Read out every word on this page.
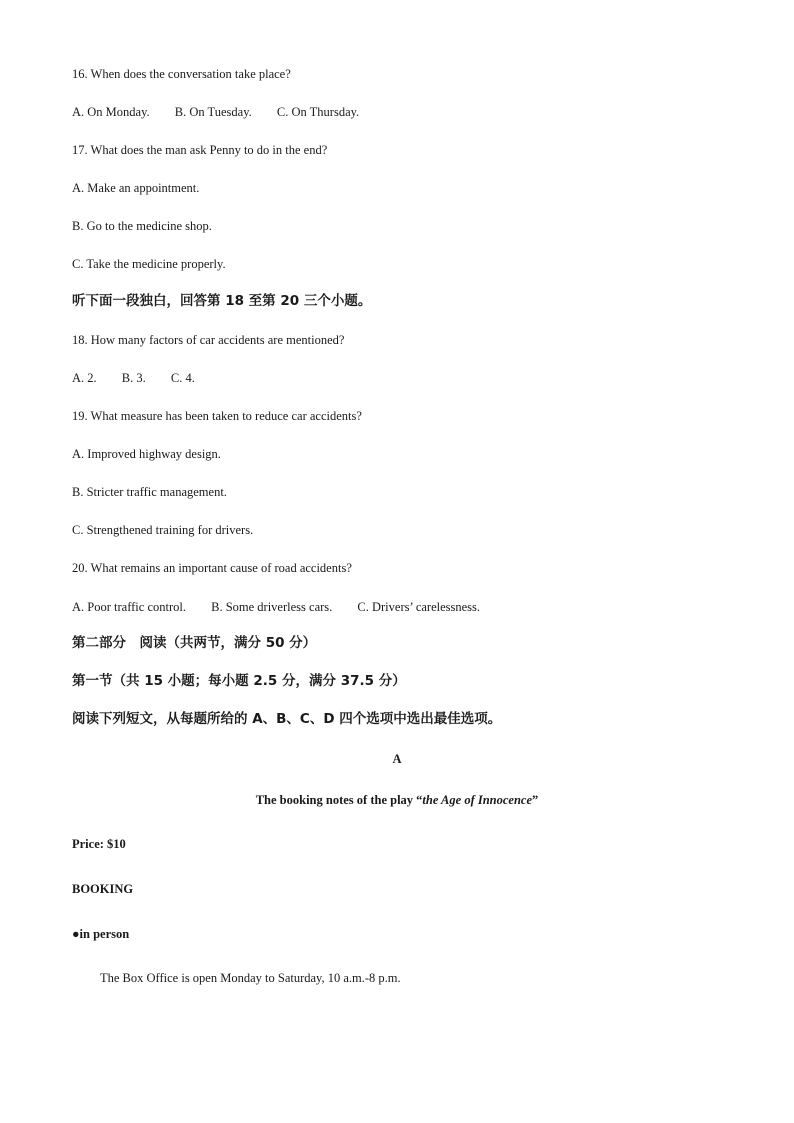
16. When does the conversation take place?
A. On Monday. B. On Tuesday. C. On Thursday.
17. What does the man ask Penny to do in the end?
A. Make an appointment.
B. Go to the medicine shop.
C. Take the medicine properly.
听下面一段独白，回答第 18 至第 20 三个小题。
18. How many factors of car accidents are mentioned?
A. 2. B. 3. C. 4.
19. What measure has been taken to reduce car accidents?
A. Improved highway design.
B. Stricter traffic management.
C. Strengthened training for drivers.
20. What remains an important cause of road accidents?
A. Poor traffic control. B. Some driverless cars. C. Drivers’ carelessness.
第二部分　阅读（共两节，满分 50 分）
第一节（共 15 小题；每小题 2.5 分，满分 37.5 分）
阅读下列短文，从每题所给的 A、B、C、D 四个选项中选出最佳选项。
A
The booking notes of the play “the Age of Innocence”
Price: $10
BOOKING
●in person
The Box Office is open Monday to Saturday, 10 a.m.-8 p.m.
